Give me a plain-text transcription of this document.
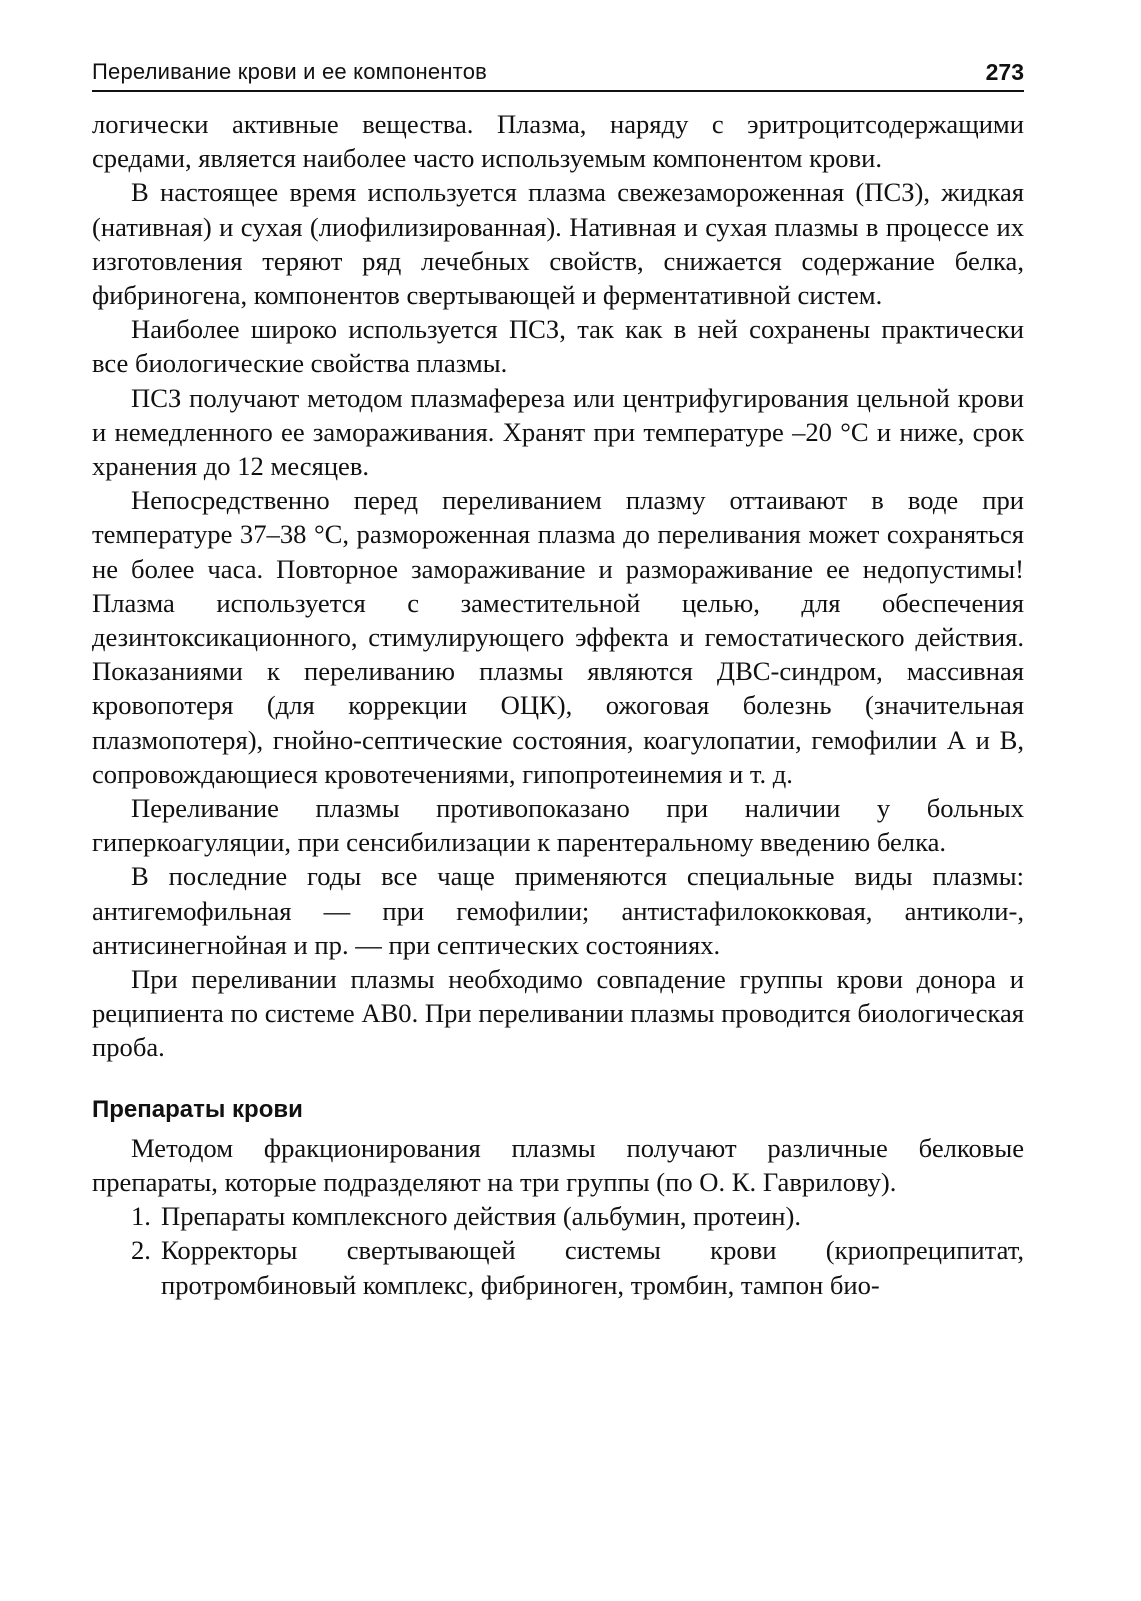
Переливание крови и ее компонентов	273

логически активные вещества. Плазма, наряду с эритроцитсодержащими средами, является наиболее часто используемым компонентом крови.

В настоящее время используется плазма свежезамороженная (ПСЗ), жидкая (нативная) и сухая (лиофилизированная). Нативная и сухая плазмы в процессе их изготовления теряют ряд лечебных свойств, снижается содержание белка, фибриногена, компонентов свертывающей и ферментативной систем.

Наиболее широко используется ПСЗ, так как в ней сохранены практически все биологические свойства плазмы.

ПСЗ получают методом плазмафереза или центрифугирования цельной крови и немедленного ее замораживания. Хранят при температуре –20 °С и ниже, срок хранения до 12 месяцев.

Непосредственно перед переливанием плазму оттаивают в воде при температуре 37–38 °С, размороженная плазма до переливания может сохраняться не более часа. Повторное замораживание и размораживание ее недопустимы! Плазма используется с заместительной целью, для обеспечения дезинтоксикационного, стимулирующего эффекта и гемостатического действия. Показаниями к переливанию плазмы являются ДВС-синдром, массивная кровопотеря (для коррекции ОЦК), ожоговая болезнь (значительная плазмопотеря), гнойно-септические состояния, коагулопатии, гемофилии А и В, сопровождающиеся кровотечениями, гипопротеинемия и т. д.

Переливание плазмы противопоказано при наличии у больных гиперкоагуляции, при сенсибилизации к парентеральному введению белка.

В последние годы все чаще применяются специальные виды плазмы: антигемофильная — при гемофилии; антистафилококковая, антиколи-, антисинегнойная и пр. — при септических состояниях.

При переливании плазмы необходимо совпадение группы крови донора и реципиента по системе АВ0. При переливании плазмы проводится биологическая проба.

Препараты крови

Методом фракционирования плазмы получают различные белковые препараты, которые подразделяют на три группы (по О. К. Гаврилову).

1. Препараты комплексного действия (альбумин, протеин).
2. Корректоры свертывающей системы крови (криопреципитат, протромбиновый комплекс, фибриноген, тромбин, тампон био-
